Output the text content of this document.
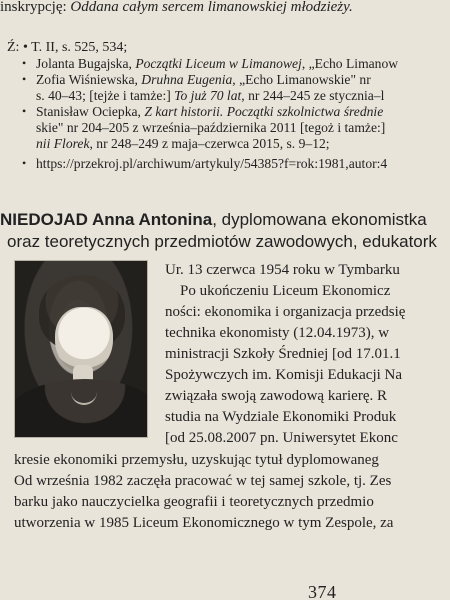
inskrypcję: Oddana całym sercem limanowskiej młodzieży.
Ź: • T. II, s. 525, 534;
• Jolanta Bugajska, Początki Liceum w Limanowej, „Echo Limanow
• Zofia Wiśniewska, Druhna Eugenia, „Echo Limanowskie" nr
s. 40–43; [tejże i tamże:] To już 70 lat, nr 244–245 ze stycznia–l
• Stanisław Ociepka, Z kart historii. Początki szkolnictwa średnie
skie" nr 204–205 z września–października 2011 [tegoż i tamże:]
nii Florek, nr 248–249 z maja–czerwca 2015, s. 9–12;
• https://przekroj.pl/archiwum/artykuly/54385?f=rok:1981,autor:4
NIEDOJAD Anna Antonina, dyplomowana ekonomistka
oraz teoretycznych przedmiotów zawodowych, edukatork
Ur. 13 czerwca 1954 roku w Tymbarku
Po ukończeniu Liceum Ekonomicz
ności: ekonomika i organizacja przedsię
technika ekonomisty (12.04.1973), w
ministracji Szkoły Średniej [od 17.01.1
Spożywczych im. Komisji Edukacji Na
związała swoją zawodową karierę. R
studia na Wydziale Ekonomiki Produk
[od 25.08.2007 pn. Uniwersytet Ekonc
kresie ekonomiki przemysłu, uzyskując tytuł dyplomowaneg
Od września 1982 zaczęła pracować w tej samej szkole, tj. Zes
barku jako nauczycielka geografii i teoretycznych przedmio
utworzenia w 1985 Liceum Ekonomicznego w tym Zespole, za
374
